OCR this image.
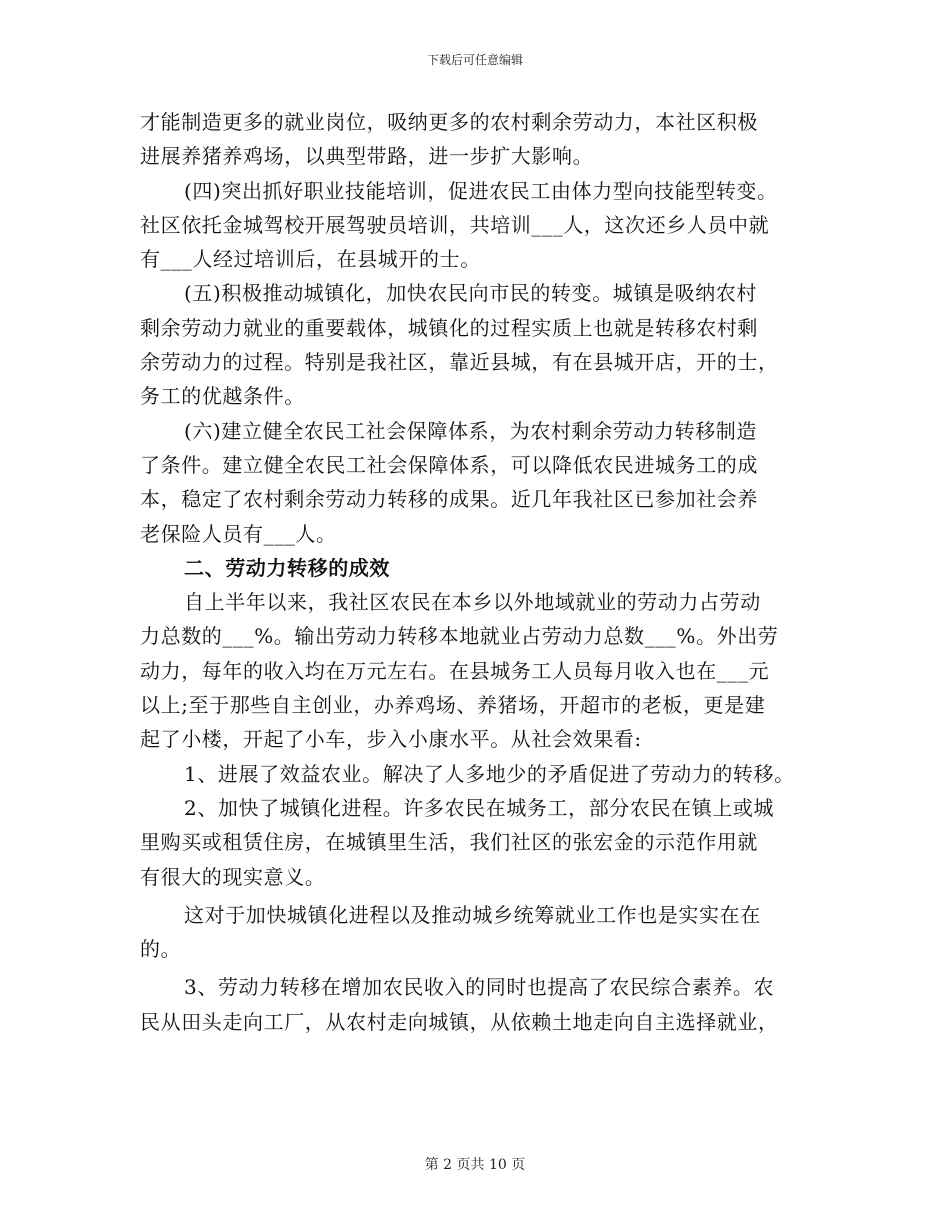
下载后可任意编辑
才能制造更多的就业岗位，吸纳更多的农村剩余劳动力，本社区积极
进展养猪养鸡场，以典型带路，进一步扩大影响。
(四)突出抓好职业技能培训，促进农民工由体力型向技能型转变。
社区依托金城驾校开展驾驶员培训，共培训___人，这次还乡人员中就
有___人经过培训后，在县城开的士。
(五)积极推动城镇化，加快农民向市民的转变。城镇是吸纳农村
剩余劳动力就业的重要载体，城镇化的过程实质上也就是转移农村剩
余劳动力的过程。特别是我社区，靠近县城，有在县城开店，开的士，
务工的优越条件。
(六)建立健全农民工社会保障体系，为农村剩余劳动力转移制造
了条件。建立健全农民工社会保障体系，可以降低农民进城务工的成
本，稳定了农村剩余劳动力转移的成果。近几年我社区已参加社会养
老保险人员有___人。
二、劳动力转移的成效
自上半年以来，我社区农民在本乡以外地域就业的劳动力占劳动
力总数的___%。输出劳动力转移本地就业占劳动力总数___%。外出劳
动力，每年的收入均在万元左右。在县城务工人员每月收入也在___元
以上;至于那些自主创业，办养鸡场、养猪场，开超市的老板，更是建
起了小楼，开起了小车，步入小康水平。从社会效果看:
1、进展了效益农业。解决了人多地少的矛盾促进了劳动力的转移。
2、加快了城镇化进程。许多农民在城务工，部分农民在镇上或城
里购买或租赁住房，在城镇里生活，我们社区的张宏金的示范作用就
有很大的现实意义。
这对于加快城镇化进程以及推动城乡统筹就业工作也是实实在在
的。
3、劳动力转移在增加农民收入的同时也提高了农民综合素养。农
民从田头走向工厂，从农村走向城镇，从依赖土地走向自主选择就业，
第 2 页共 10 页
